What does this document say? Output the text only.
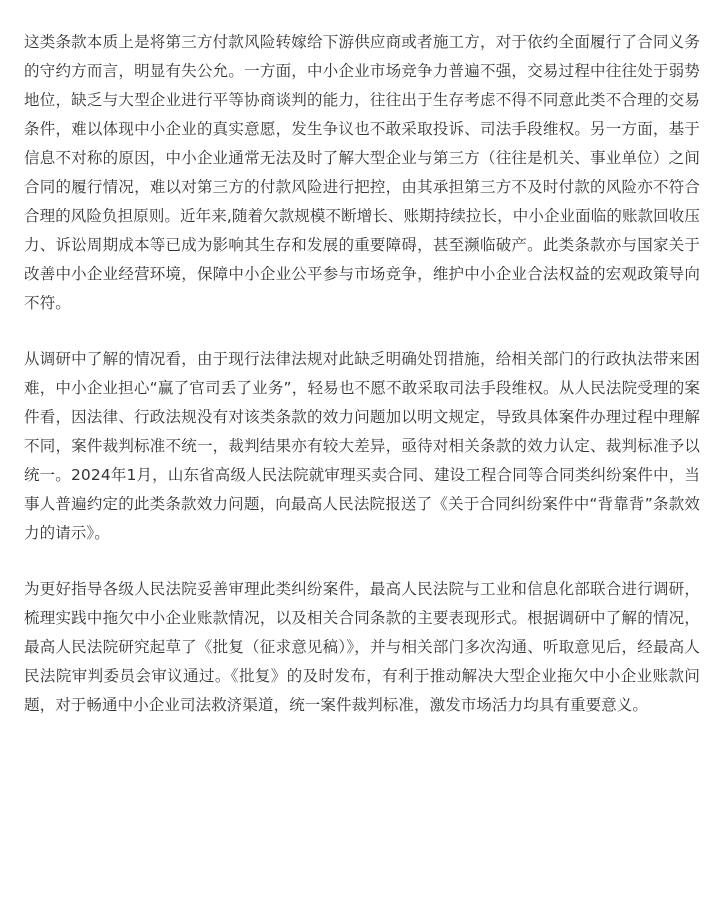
这类条款本质上是将第三方付款风险转嫁给下游供应商或者施工方，对于依约全面履行了合同义务的守约方而言，明显有失公允。一方面，中小企业市场竞争力普遍不强，交易过程中往往处于弱势地位，缺乏与大型企业进行平等协商谈判的能力，往往出于生存考虑不得不同意此类不合理的交易条件，难以体现中小企业的真实意愿，发生争议也不敢采取投诉、司法手段维权。另一方面，基于信息不对称的原因，中小企业通常无法及时了解大型企业与第三方（往往是机关、事业单位）之间合同的履行情况，难以对第三方的付款风险进行把控，由其承担第三方不及时付款的风险亦不符合合理的风险负担原则。近年来,随着欠款规模不断增长、账期持续拉长，中小企业面临的账款回收压力、诉讼周期成本等已成为影响其生存和发展的重要障碍，甚至濒临破产。此类条款亦与国家关于改善中小企业经营环境，保障中小企业公平参与市场竞争，维护中小企业合法权益的宏观政策导向不符。

从调研中了解的情况看，由于现行法律法规对此缺乏明确处罚措施，给相关部门的行政执法带来困难，中小企业担心“赢了官司丢了业务”，轻易也不愿不敢采取司法手段维权。从人民法院受理的案件看，因法律、行政法规没有对该类条款的效力问题加以明文规定，导致具体案件办理过程中理解不同，案件裁判标准不统一，裁判结果亦有较大差异，亟待对相关条款的效力认定、裁判标准予以统一。2024年1月，山东省高级人民法院就审理买卖合同、建设工程合同等合同类纠纷案件中，当事人普遍约定的此类条款效力问题，向最高人民法院报送了《关于合同纠纷案件中“背靠背”条款效力的请示》。

为更好指导各级人民法院妥善审理此类纠纷案件，最高人民法院与工业和信息化部联合进行调研，梳理实践中拖欠中小企业账款情况，以及相关合同条款的主要表现形式。根据调研中了解的情况，最高人民法院研究起草了《批复（征求意见稿）》，并与相关部门多次沟通、听取意见后，经最高人民法院审判委员会审议通过。《批复》的及时发布，有利于推动解决大型企业拖欠中小企业账款问题，对于畅通中小企业司法救济渠道，统一案件裁判标准，激发市场活力均具有重要意义。
